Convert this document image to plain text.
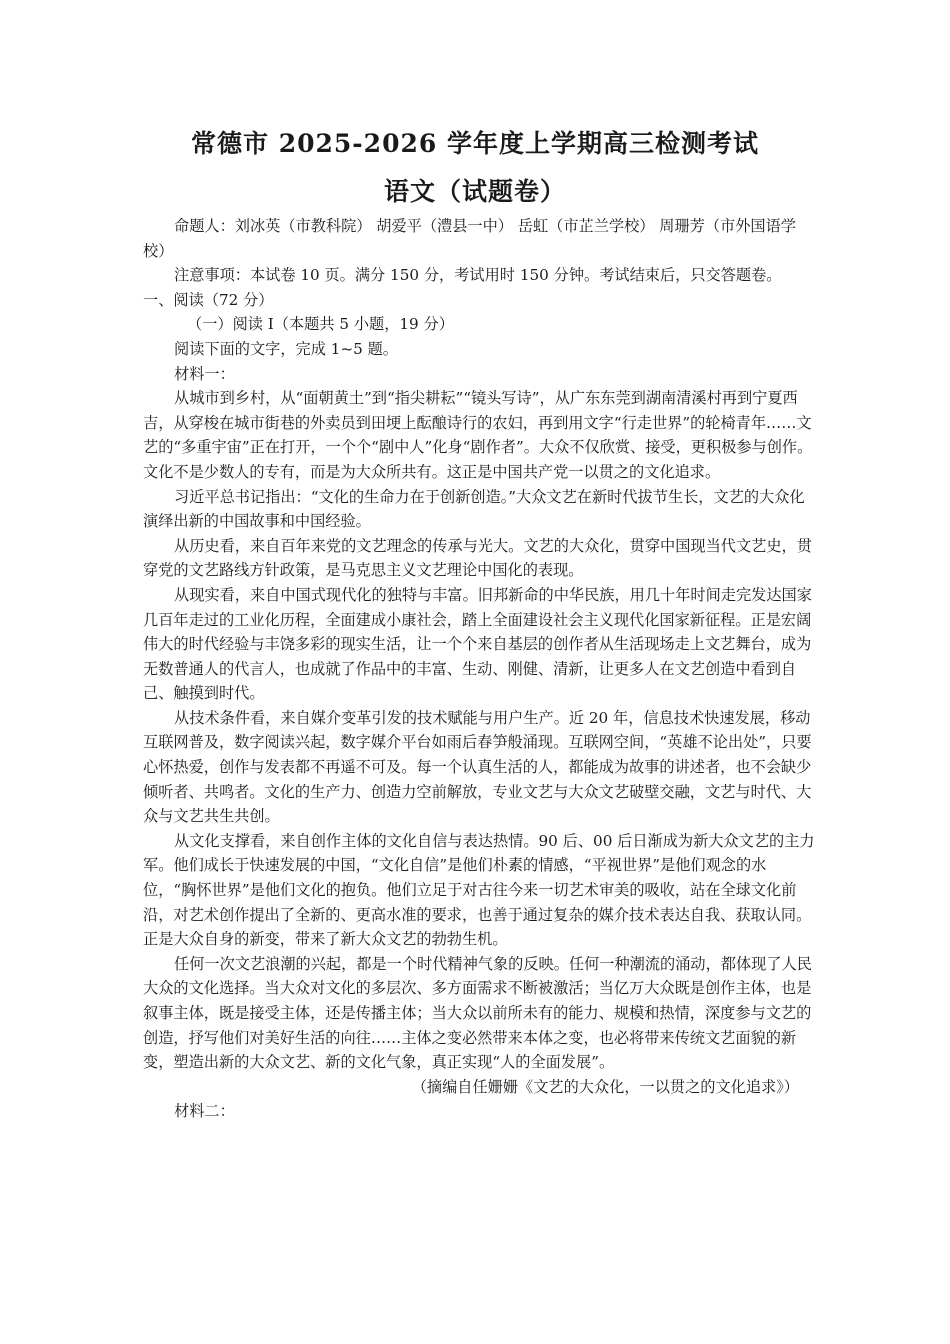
常德市 2025-2026 学年度上学期高三检测考试
语文（试题卷）

命题人：刘冰英（市教科院） 胡爱平（澧县一中） 岳虹（市芷兰学校） 周珊芳（市外国语学校）

注意事项：本试卷 10 页。满分 150 分，考试用时 150 分钟。考试结束后，只交答题卷。

一、阅读（72 分）

（一）阅读 I（本题共 5 小题，19 分）

阅读下面的文字，完成 1~5 题。

材料一：

从城市到乡村，从“面朝黄土”到“指尖耕耘”“镜头写诗”，从广东东莞到湖南清溪村再到宁夏西吉，从穿梭在城市街巷的外卖员到田埂上酝酿诗行的农妇，再到用文字“行走世界”的轮椅青年……文艺的“多重宇宙”正在打开，一个个“剧中人”化身“剧作者”。大众不仅欣赏、接受，更积极参与创作。文化不是少数人的专有，而是为大众所共有。这正是中国共产党一以贯之的文化追求。

习近平总书记指出：“文化的生命力在于创新创造。”大众文艺在新时代拔节生长，文艺的大众化演绎出新的中国故事和中国经验。

从历史看，来自百年来党的文艺理念的传承与光大。文艺的大众化，贯穿中国现当代文艺史，贯穿党的文艺路线方针政策，是马克思主义文艺理论中国化的表现。

从现实看，来自中国式现代化的独特与丰富。旧邦新命的中华民族，用几十年时间走完发达国家几百年走过的工业化历程，全面建成小康社会，踏上全面建设社会主义现代化国家新征程。正是宏阔伟大的时代经验与丰饶多彩的现实生活，让一个个来自基层的创作者从生活现场走上文艺舞台，成为无数普通人的代言人，也成就了作品中的丰富、生动、刚健、清新，让更多人在文艺创造中看到自己、触摸到时代。

从技术条件看，来自媒介变革引发的技术赋能与用户生产。近 20 年，信息技术快速发展，移动互联网普及，数字阅读兴起，数字媒介平台如雨后春笋般涌现。互联网空间，“英雄不论出处”，只要心怀热爱，创作与发表都不再遥不可及。每一个认真生活的人，都能成为故事的讲述者，也不会缺少倾听者、共鸣者。文化的生产力、创造力空前解放，专业文艺与大众文艺破壁交融，文艺与时代、大众与文艺共生共创。

从文化支撑看，来自创作主体的文化自信与表达热情。90 后、00 后日渐成为新大众文艺的主力军。他们成长于快速发展的中国，“文化自信”是他们朴素的情感，“平视世界”是他们观念的水位，“胸怀世界”是他们文化的抱负。他们立足于对古往今来一切艺术审美的吸收，站在全球文化前沿，对艺术创作提出了全新的、更高水准的要求，也善于通过复杂的媒介技术表达自我、获取认同。正是大众自身的新变，带来了新大众文艺的勃勃生机。

任何一次文艺浪潮的兴起，都是一个时代精神气象的反映。任何一种潮流的涌动，都体现了人民大众的文化选择。当大众对文化的多层次、多方面需求不断被激活；当亿万大众既是创作主体，也是叙事主体，既是接受主体，还是传播主体；当大众以前所未有的能力、规模和热情，深度参与文艺的创造，抒写他们对美好生活的向往……主体之变必然带来本体之变，也必将带来传统文艺面貌的新变，塑造出新的大众文艺、新的文化气象，真正实现“人的全面发展”。

（摘编自任姗姗《文艺的大众化，一以贯之的文化追求》）

材料二：
